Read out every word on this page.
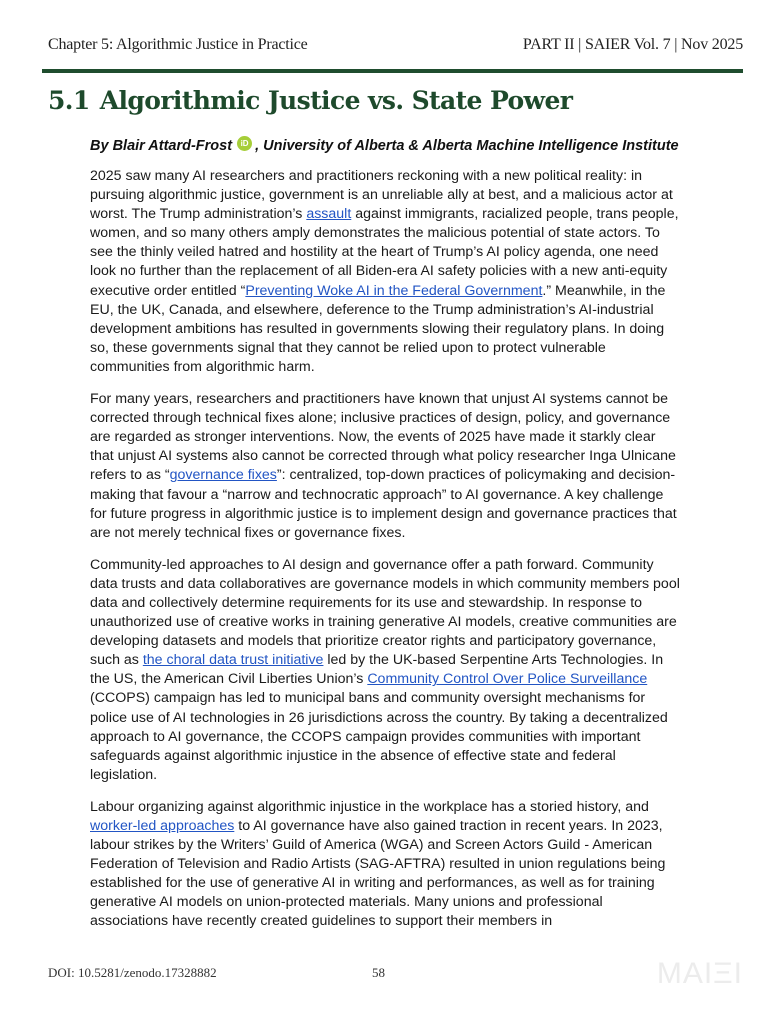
Chapter 5: Algorithmic Justice in Practice	PART II | SAIER Vol. 7 | Nov 2025
5.1 Algorithmic Justice vs. State Power
By Blair Attard-Frost	iD , University of Alberta & Alberta Machine Intelligence Institute

2025 saw many AI researchers and practitioners reckoning with a new political reality: in pursuing algorithmic justice, government is an unreliable ally at best, and a malicious actor at worst. The Trump administration’s assault against immigrants, racialized people, trans people, women, and so many others amply demonstrates the malicious potential of state actors. To see the thinly veiled hatred and hostility at the heart of Trump’s AI policy agenda, one need look no further than the replacement of all Biden-era AI safety policies with a new anti-equity executive order entitled “Preventing Woke AI in the Federal Government.” Meanwhile, in the EU, the UK, Canada, and elsewhere, deference to the Trump administration’s AI-industrial development ambitions has resulted in governments slowing their regulatory plans. In doing so, these governments signal that they cannot be relied upon to protect vulnerable communities from algorithmic harm.

For many years, researchers and practitioners have known that unjust AI systems cannot be corrected through technical fixes alone; inclusive practices of design, policy, and governance are regarded as stronger interventions. Now, the events of 2025 have made it starkly clear that unjust AI systems also cannot be corrected through what policy researcher Inga Ulnicane refers to as “governance fixes”: centralized, top-down practices of policymaking and decision-making that favour a “narrow and technocratic approach” to AI governance. A key challenge for future progress in algorithmic justice is to implement design and governance practices that are not merely technical fixes or governance fixes.

Community-led approaches to AI design and governance offer a path forward. Community data trusts and data collaboratives are governance models in which community members pool data and collectively determine requirements for its use and stewardship. In response to unauthorized use of creative works in training generative AI models, creative communities are developing datasets and models that prioritize creator rights and participatory governance, such as the choral data trust initiative led by the UK-based Serpentine Arts Technologies. In the US, the American Civil Liberties Union’s Community Control Over Police Surveillance (CCOPS) campaign has led to municipal bans and community oversight mechanisms for police use of AI technologies in 26 jurisdictions across the country. By taking a decentralized approach to AI governance, the CCOPS campaign provides communities with important safeguards against algorithmic injustice in the absence of effective state and federal legislation.

Labour organizing against algorithmic injustice in the workplace has a storied history, and worker-led approaches to AI governance have also gained traction in recent years. In 2023, labour strikes by the Writers’ Guild of America (WGA) and Screen Actors Guild - American Federation of Television and Radio Artists (SAG-AFTRA) resulted in union regulations being established for the use of generative AI in writing and performances, as well as for training generative AI models on union-protected materials. Many unions and professional associations have recently created guidelines to support their members in

DOI: 10.5281/zenodo.17328882	58	MAIΞI
